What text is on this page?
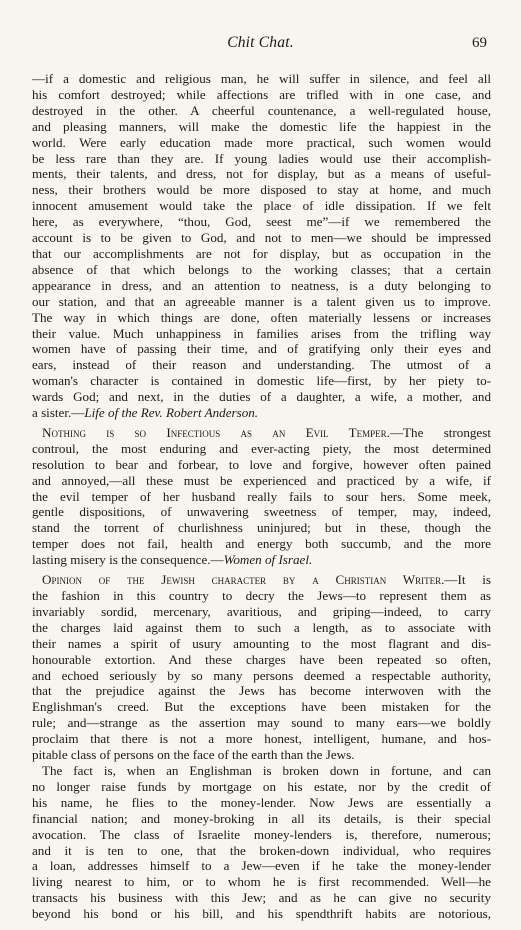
Chit Chat.	69
—if a domestic and religious man, he will suffer in silence, and feel all
his comfort destroyed; while affections are trifled with in one case, and
destroyed in the other. A cheerful countenance, a well-regulated house,
and pleasing manners, will make the domestic life the happiest in the
world. Were early education made more practical, such women would
be less rare than they are. If young ladies would use their accomplish-
ments, their talents, and dress, not for display, but as a means of useful-
ness, their brothers would be more disposed to stay at home, and much
innocent amusement would take the place of idle dissipation. If we felt
here, as everywhere, “thou, God, seest me”—if we remembered the
account is to be given to God, and not to men—we should be impressed
that our accomplishments are not for display, but as occupation in the
absence of that which belongs to the working classes; that a certain
appearance in dress, and an attention to neatness, is a duty belonging to
our station, and that an agreeable manner is a talent given us to improve.
The way in which things are done, often materially lessens or increases
their value. Much unhappiness in families arises from the trifling way
women have of passing their time, and of gratifying only their eyes and
ears, instead of their reason and understanding. The utmost of a
woman's character is contained in domestic life—first, by her piety to-
wards God; and next, in the duties of a daughter, a wife, a mother, and
a sister.—Life of the Rev. Robert Anderson.
Nothing is so Infectious as an Evil Temper.—The strongest
controul, the most enduring and ever-acting piety, the most determined
resolution to bear and forbear, to love and forgive, however often pained
and annoyed,—all these must be experienced and practiced by a wife, if
the evil temper of her husband really fails to sour hers. Some meek,
gentle dispositions, of unwavering sweetness of temper, may, indeed,
stand the torrent of churlishness uninjured; but in these, though the
temper does not fail, health and energy both succumb, and the more
lasting misery is the consequence.—Women of Israel.
Opinion of the Jewish character by a Christian Writer.—It is
the fashion in this country to decry the Jews—to represent them as
invariably sordid, mercenary, avaritious, and griping—indeed, to carry
the charges laid against them to such a length, as to associate with
their names a spirit of usury amounting to the most flagrant and dis-
honourable extortion. And these charges have been repeated so often,
and echoed seriously by so many persons deemed a respectable authority,
that the prejudice against the Jews has become interwoven with the
Englishman's creed. But the exceptions have been mistaken for the
rule; and—strange as the assertion may sound to many ears—we boldly
proclaim that there is not a more honest, intelligent, humane, and hos-
pitable class of persons on the face of the earth than the Jews.
The fact is, when an Englishman is broken down in fortune, and can
no longer raise funds by mortgage on his estate, nor by the credit of
his name, he flies to the money-lender. Now Jews are essentially a
financial nation; and money-broking in all its details, is their special
avocation. The class of Israelite money-lenders is, therefore, numerous;
and it is ten to one, that the broken-down individual, who requires
a loan, addresses himself to a Jew—even if he take the money-lender
living nearest to him, or to whom he is first recommended. Well—he
transacts his business with this Jew; and as he can give no security
beyond his bond or his bill, and his spendthrift habits are notorious,
